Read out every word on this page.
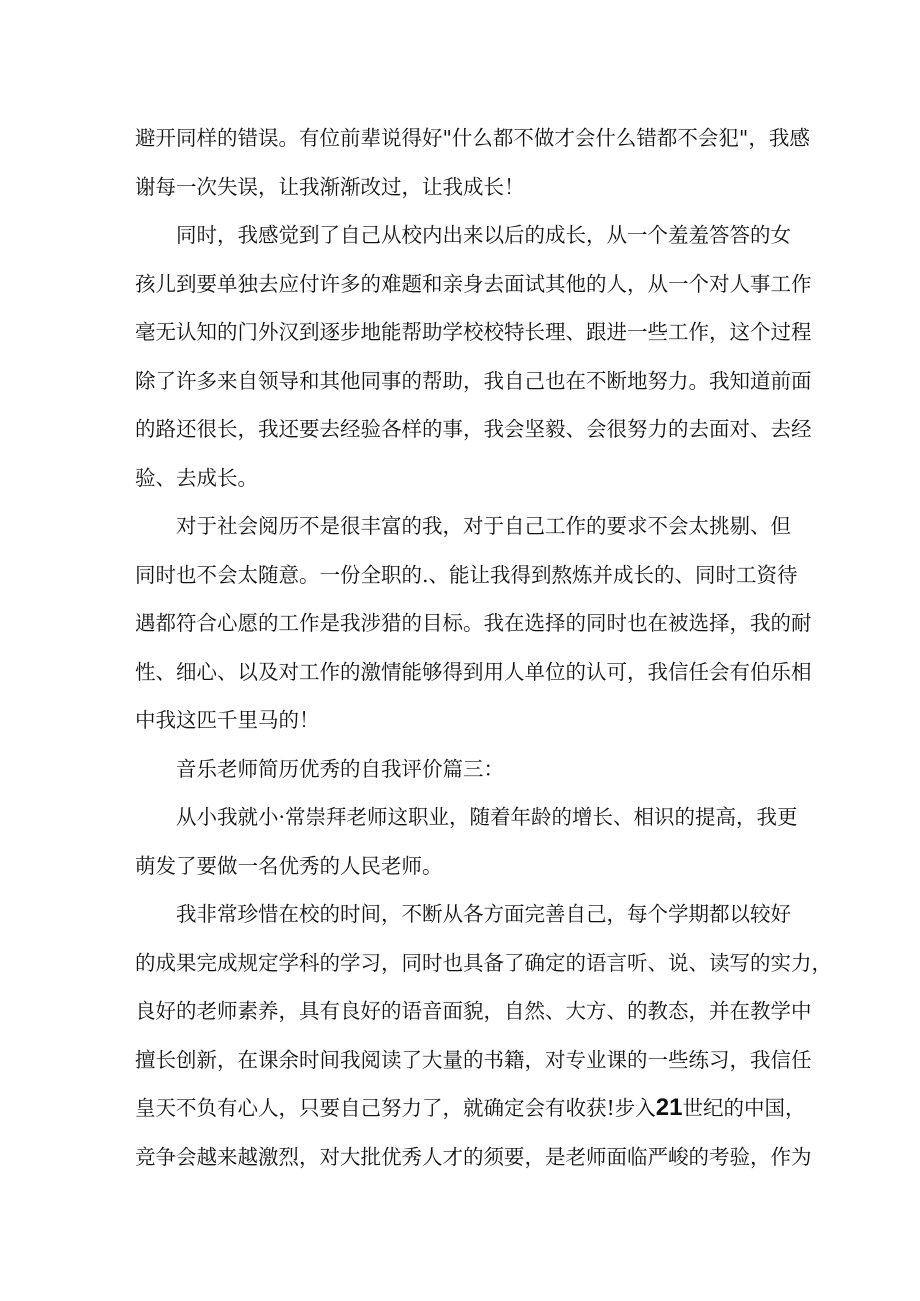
避开同样的错误。有位前辈说得好"什么都不做才会什么错都不会犯"，我感
谢每一次失误，让我渐渐改过，让我成长！
同时，我感觉到了自己从校内出来以后的成长，从一个羞羞答答的女
孩儿到要单独去应付许多的难题和亲身去面试其他的人，从一个对人事工作
毫无认知的门外汉到逐步地能帮助学校校特长理、跟进一些工作，这个过程
除了许多来自领导和其他同事的帮助，我自己也在不断地努力。我知道前面
的路还很长，我还要去经验各样的事，我会坚毅、会很努力的去面对、去经
验、去成长。
对于社会阅历不是很丰富的我，对于自己工作的要求不会太挑剔、但
同时也不会太随意。一份全职的.、能让我得到熬炼并成长的、同时工资待
遇都符合心愿的工作是我涉猎的目标。我在选择的同时也在被选择，我的耐
性、细心、以及对工作的激情能够得到用人单位的认可，我信任会有伯乐相
中我这匹千里马的！
音乐老师简历优秀的自我评价篇三：
从小我就小·常崇拜老师这职业，随着年龄的增长、相识的提高，我更
萌发了要做一名优秀的人民老师。
我非常珍惜在校的时间，不断从各方面完善自己，每个学期都以较好
的成果完成规定学科的学习，同时也具备了确定的语言听、说、读写的实力，
良好的老师素养，具有良好的语音面貌，自然、大方、的教态，并在教学中
擅长创新，在课余时间我阅读了大量的书籍，对专业课的一些练习，我信任
皇天不负有心人，只要自己努力了，就确定会有收获!步入21世纪的中国，
竞争会越来越激烈，对大批优秀人才的须要，是老师面临严峻的考验，作为
